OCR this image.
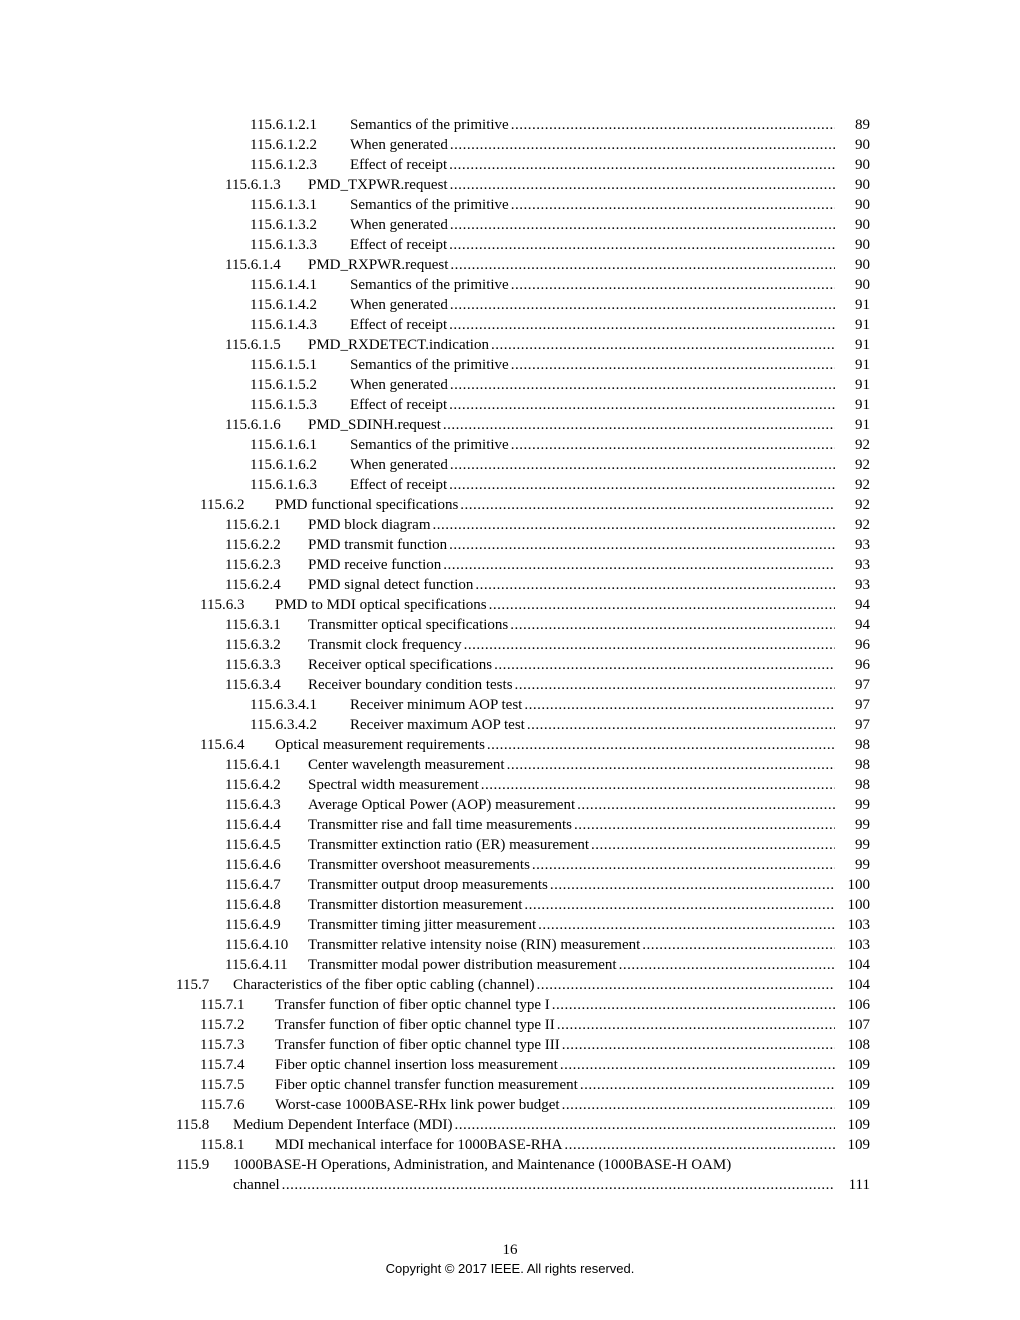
115.6.1.2.1 Semantics of the primitive .....	89
115.6.1.2.2 When generated .....	90
115.6.1.2.3 Effect of receipt .....	90
115.6.1.3 PMD_TXPWR.request .....	90
115.6.1.3.1 Semantics of the primitive .....	90
115.6.1.3.2 When generated .....	90
115.6.1.3.3 Effect of receipt .....	90
115.6.1.4 PMD_RXPWR.request .....	90
115.6.1.4.1 Semantics of the primitive .....	90
115.6.1.4.2 When generated .....	91
115.6.1.4.3 Effect of receipt .....	91
115.6.1.5 PMD_RXDETECT.indication .....	91
115.6.1.5.1 Semantics of the primitive .....	91
115.6.1.5.2 When generated .....	91
115.6.1.5.3 Effect of receipt .....	91
115.6.1.6 PMD_SDINH.request .....	91
115.6.1.6.1 Semantics of the primitive .....	92
115.6.1.6.2 When generated .....	92
115.6.1.6.3 Effect of receipt .....	92
115.6.2 PMD functional specifications .....	92
115.6.2.1 PMD block diagram .....	92
115.6.2.2 PMD transmit function .....	93
115.6.2.3 PMD receive function .....	93
115.6.2.4 PMD signal detect function .....	93
115.6.3 PMD to MDI optical specifications .....	94
115.6.3.1 Transmitter optical specifications .....	94
115.6.3.2 Transmit clock frequency .....	96
115.6.3.3 Receiver optical specifications .....	96
115.6.3.4 Receiver boundary condition tests .....	97
115.6.3.4.1 Receiver minimum AOP test .....	97
115.6.3.4.2 Receiver maximum AOP test .....	97
115.6.4 Optical measurement requirements .....	98
115.6.4.1 Center wavelength measurement .....	98
115.6.4.2 Spectral width measurement .....	98
115.6.4.3 Average Optical Power (AOP) measurement .....	99
115.6.4.4 Transmitter rise and fall time measurements .....	99
115.6.4.5 Transmitter extinction ratio (ER) measurement .....	99
115.6.4.6 Transmitter overshoot measurements .....	99
115.6.4.7 Transmitter output droop measurements .....	100
115.6.4.8 Transmitter distortion measurement .....	100
115.6.4.9 Transmitter timing jitter measurement .....	103
115.6.4.10 Transmitter relative intensity noise (RIN) measurement .....	103
115.6.4.11 Transmitter modal power distribution measurement .....	104
115.7 Characteristics of the fiber optic cabling (channel) .....	104
115.7.1 Transfer function of fiber optic channel type I .....	106
115.7.2 Transfer function of fiber optic channel type II .....	107
115.7.3 Transfer function of fiber optic channel type III .....	108
115.7.4 Fiber optic channel insertion loss measurement .....	109
115.7.5 Fiber optic channel transfer function measurement .....	109
115.7.6 Worst-case 1000BASE-RHx link power budget .....	109
115.8 Medium Dependent Interface (MDI) .....	109
115.8.1 MDI mechanical interface for 1000BASE-RHA .....	109
115.9 1000BASE-H Operations, Administration, and Maintenance (1000BASE-H OAM)
channel .....	111
16
Copyright © 2017 IEEE. All rights reserved.
